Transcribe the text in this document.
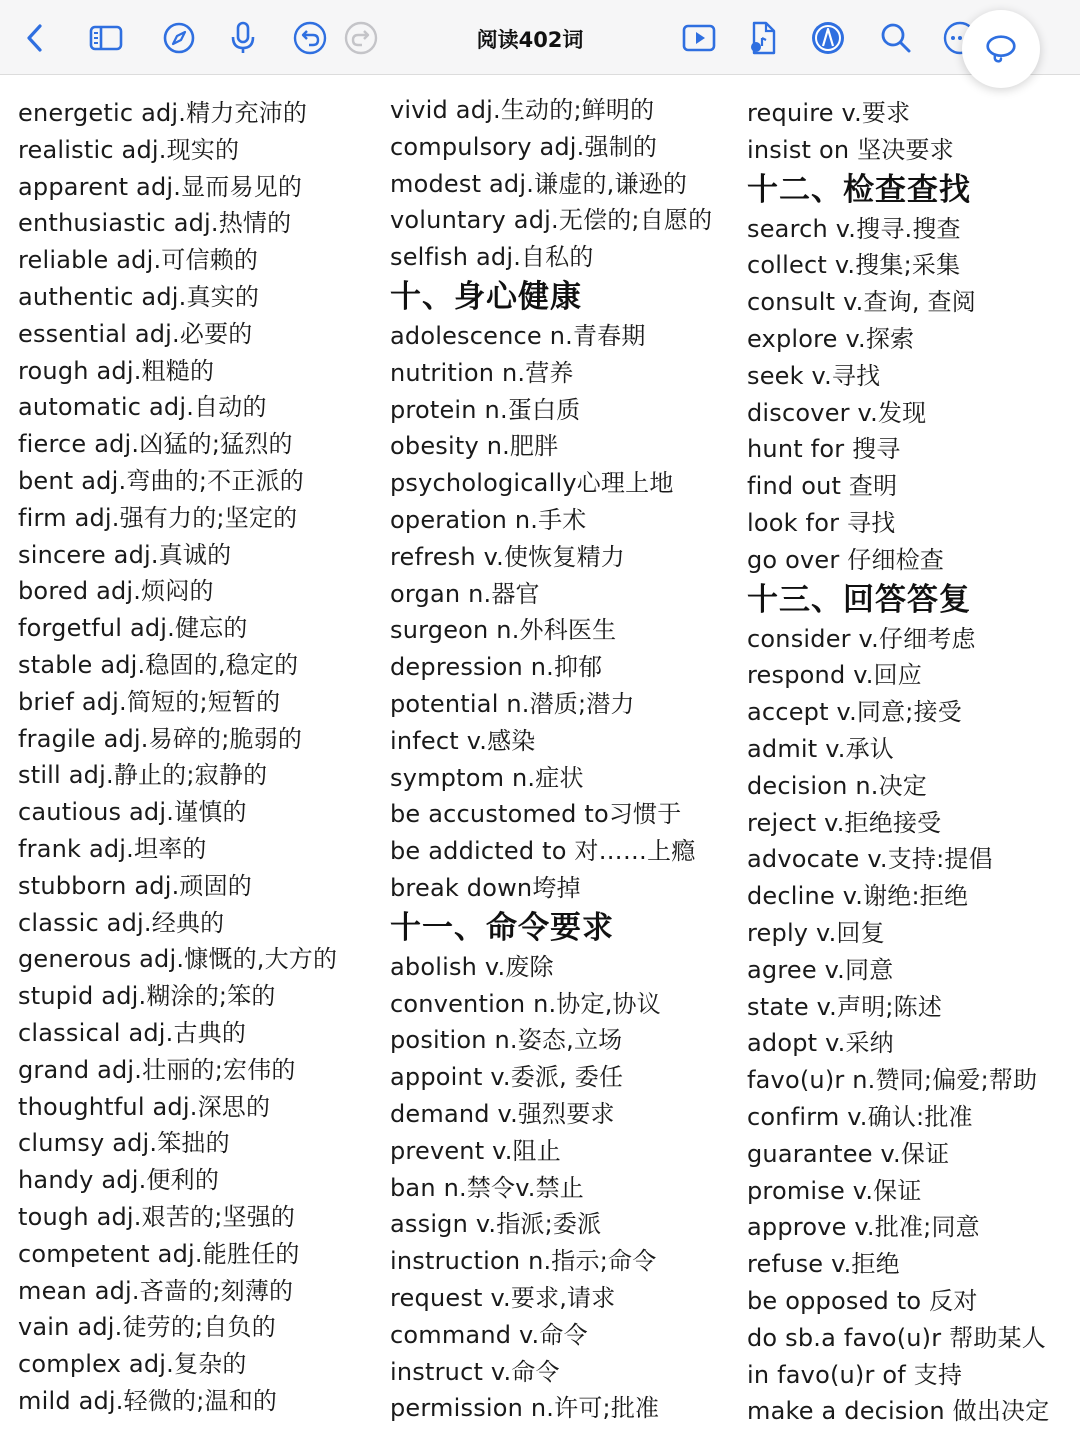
阅读402词
energetic adj.精力充沛的
realistic adj.现实的
apparent adj.显而易见的
enthusiastic adj.热情的
reliable adj.可信赖的
authentic adj.真实的
essential adj.必要的
rough adj.粗糙的
automatic adj.自动的
fierce adj.凶猛的;猛烈的
bent adj.弯曲的;不正派的
firm adj.强有力的;坚定的
sincere adj.真诚的
bored adj.烦闷的
forgetful adj.健忘的
stable adj.稳固的,稳定的
brief adj.简短的;短暂的
fragile adj.易碎的;脆弱的
still adj.静止的;寂静的
cautious adj.谨慎的
frank adj.坦率的
stubborn adj.顽固的
classic adj.经典的
generous adj.慷慨的,大方的
stupid adj.糊涂的;笨的
classical adj.古典的
grand adj.壮丽的;宏伟的
thoughtful adj.深思的
clumsy adj.笨拙的
handy adj.便利的
tough adj.艰苦的;坚强的
competent adj.能胜任的
mean adj.吝啬的;刻薄的
vain adj.徒劳的;自负的
complex adj.复杂的
mild adj.轻微的;温和的
vivid adj.生动的;鲜明的
compulsory adj.强制的
modest adj.谦虚的,谦逊的
voluntary adj.无偿的;自愿的
selfish adj.自私的
十、身心健康
adolescence n.青春期
nutrition n.营养
protein n.蛋白质
obesity n.肥胖
psychologically心理上地
operation n.手术
refresh v.使恢复精力
organ n.器官
surgeon n.外科医生
depression n.抑郁
potential n.潜质;潜力
infect v.感染
symptom n.症状
be accustomed to习惯于
be addicted to 对……上瘾
break down垮掉
十一、命令要求
abolish v.废除
convention n.协定,协议
position n.姿态,立场
appoint v.委派, 委任
demand v.强烈要求
prevent v.阻止
ban n.禁令v.禁止
assign v.指派;委派
instruction n.指示;命令
request v.要求,请求
command v.命令
instruct v.命令
permission n.许可;批准
require v.要求
insist on 坚决要求
十二、检查查找
search v.搜寻.搜查
collect v.搜集;采集
consult v.查询, 查阅
explore v.探索
seek v.寻找
discover v.发现
hunt for 搜寻
find out 查明
look for 寻找
go over 仔细检查
十三、回答答复
consider v.仔细考虑
respond v.回应
accept v.同意;接受
admit v.承认
decision n.决定
reject v.拒绝接受
advocate v.支持:提倡
decline v.谢绝:拒绝
reply v.回复
agree v.同意
state v.声明;陈述
adopt v.采纳
favo(u)r n.赞同;偏爱;帮助
confirm v.确认:批准
guarantee v.保证
promise v.保证
approve v.批准;同意
refuse v.拒绝
be opposed to 反对
do sb.a favo(u)r 帮助某人
in favo(u)r of 支持
make a decision 做出决定
